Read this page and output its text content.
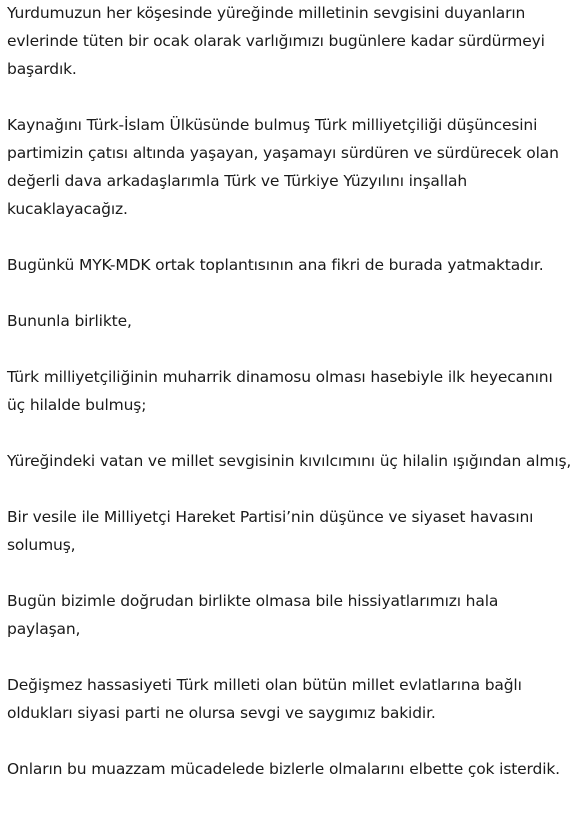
Yurdumuzun her köşesinde yüreğinde milletinin sevgisini duyanların evlerinde tüten bir ocak olarak varlığımızı bugünlere kadar sürdürmeyi başardık.

Kaynağını Türk-İslam Ülküsünde bulmuş Türk milliyetçiliği düşüncesini partimizin çatısı altında yaşayan, yaşamayı sürdüren ve sürdürecek olan değerli dava arkadaşlarımla Türk ve Türkiye Yüzyılını inşallah kucaklayacağız.

Bugünkü MYK-MDK ortak toplantısının ana fikri de burada yatmaktadır.

Bununla birlikte,

Türk milliyetçiliğinin muharrik dinamosu olması hasebiyle ilk heyecanını üç hilalde bulmuş;

Yüreğindeki vatan ve millet sevgisinin kıvılcımını üç hilalin ışığından almış,

Bir vesile ile Milliyetçi Hareket Partisi’nin düşünce ve siyaset havasını solumuş,

Bugün bizimle doğrudan birlikte olmasa bile hissiyatlarımızı hala paylaşan,

Değişmez hassasiyeti Türk milleti olan bütün millet evlatlarına bağlı oldukları siyasi parti ne olursa sevgi ve saygımız bakidir.

Onların bu muazzam mücadelede bizlerle olmalarını elbette çok isterdik.
